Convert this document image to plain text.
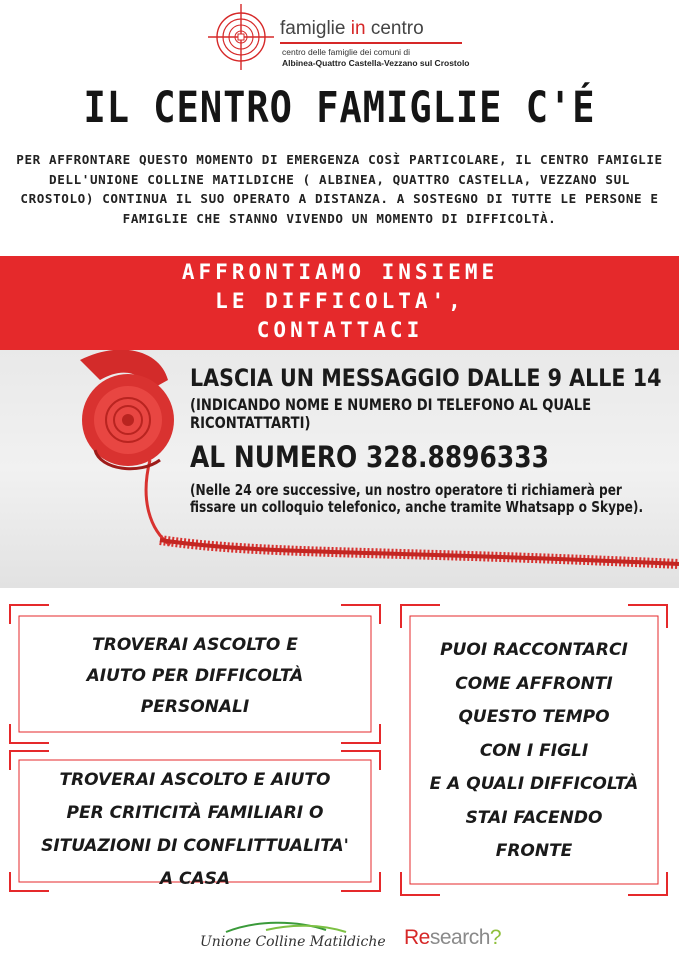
famiglie in centro
centro delle famiglie dei comuni di
Albinea-Quattro Castella-Vezzano sul Crostolo
IL CENTRO FAMIGLIE C'É
PER AFFRONTARE QUESTO MOMENTO DI EMERGENZA COSÌ PARTICOLARE, IL CENTRO FAMIGLIE DELL'UNIONE COLLINE MATILDICHE ( ALBINEA, QUATTRO CASTELLA, VEZZANO SUL CROSTOLO) CONTINUA IL SUO OPERATO A DISTANZA. A SOSTEGNO DI TUTTE LE PERSONE E FAMIGLIE CHE STANNO VIVENDO UN MOMENTO DI DIFFICOLTÀ.
AFFRONTIAMO INSIEME
LE DIFFICOLTA',
CONTATTACI
LASCIA UN MESSAGGIO DALLE 9 ALLE 14
(INDICANDO NOME E NUMERO DI TELEFONO AL QUALE RICONTATTARTI)
AL NUMERO 328.8896333
(Nelle 24 ore successive, un nostro operatore ti richiamerà per fissare un colloquio telefonico, anche tramite Whatsapp o Skype).
TROVERAI ASCOLTO E
AIUTO PER DIFFICOLTÀ
PERSONALI
TROVERAI ASCOLTO E AIUTO
PER CRITICITÀ FAMILIARI O
SITUAZIONI DI CONFLITTUALITA'
A CASA
PUOI RACCONTARCI
COME AFFRONTI
QUESTO TEMPO
CON I FIGLI
E A QUALI DIFFICOLTÀ
STAI FACENDO
FRONTE
Unione Colline Matildiche Research?
